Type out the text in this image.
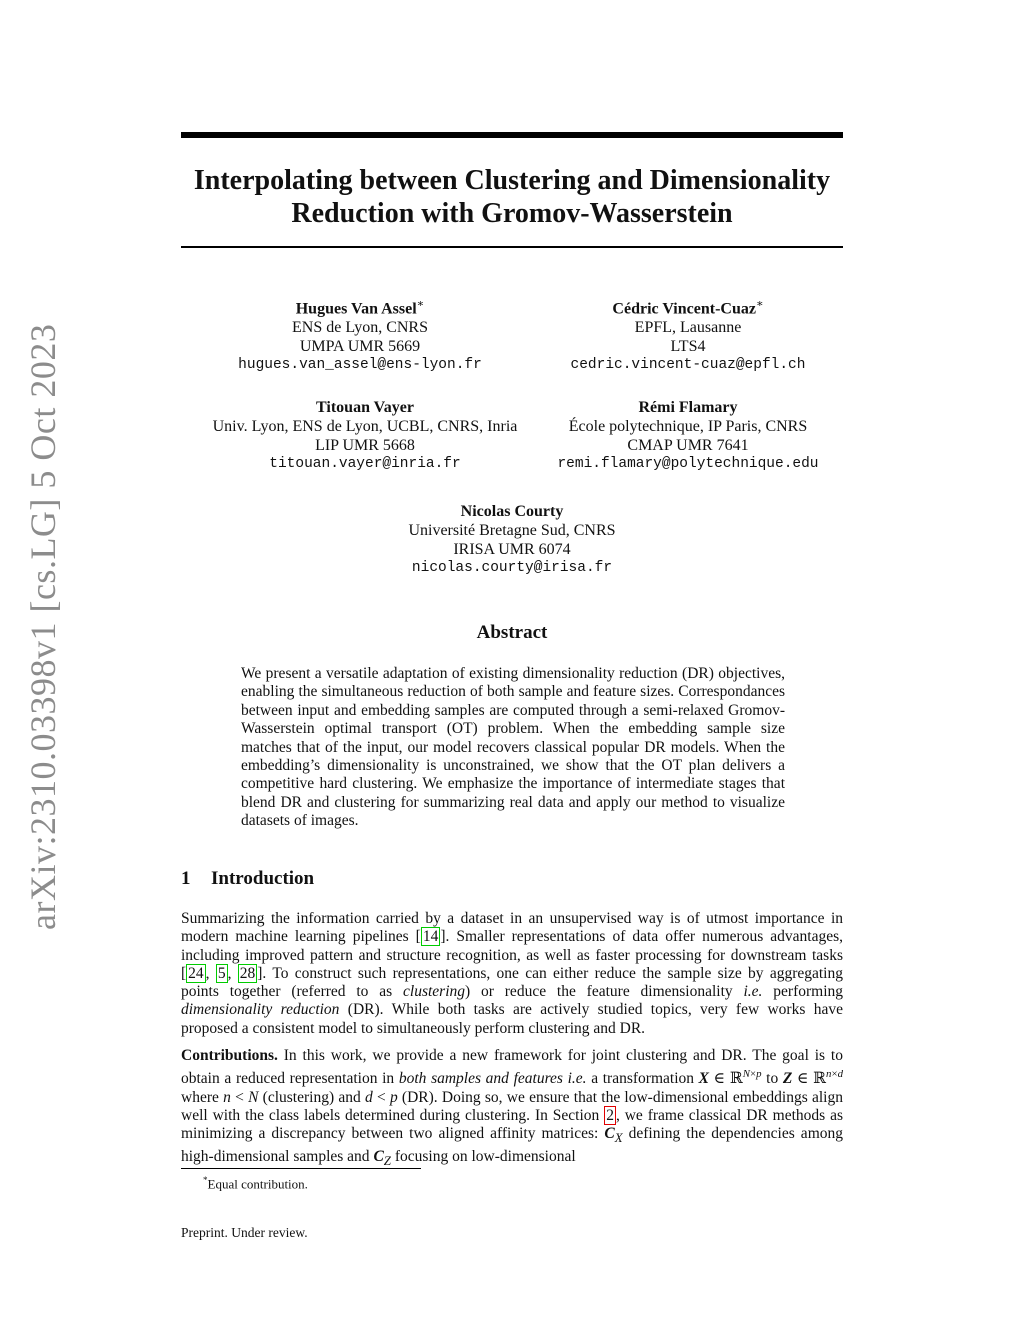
arXiv:2310.03398v1 [cs.LG] 5 Oct 2023
Interpolating between Clustering and Dimensionality
Reduction with Gromov-Wasserstein
Hugues Van Assel∗
ENS de Lyon, CNRS
UMPA UMR 5669
hugues.van_assel@ens-lyon.fr
Cédric Vincent-Cuaz∗
EPFL, Lausanne
LTS4
cedric.vincent-cuaz@epfl.ch
Titouan Vayer
Univ. Lyon, ENS de Lyon, UCBL, CNRS, Inria
LIP UMR 5668
titouan.vayer@inria.fr
Rémi Flamary
École polytechnique, IP Paris, CNRS
CMAP UMR 7641
remi.flamary@polytechnique.edu
Nicolas Courty
Université Bretagne Sud, CNRS
IRISA UMR 6074
nicolas.courty@irisa.fr
Abstract
We present a versatile adaptation of existing dimensionality reduction (DR) objectives, enabling the simultaneous reduction of both sample and feature sizes. Correspondances between input and embedding samples are computed through a semi-relaxed Gromov-Wasserstein optimal transport (OT) problem. When the embedding sample size matches that of the input, our model recovers classical popular DR models. When the embedding’s dimensionality is unconstrained, we show that the OT plan delivers a competitive hard clustering. We emphasize the importance of intermediate stages that blend DR and clustering for summarizing real data and apply our method to visualize datasets of images.
1 Introduction
Summarizing the information carried by a dataset in an unsupervised way is of utmost importance in modern machine learning pipelines [ 14 ]. Smaller representations of data offer numerous advantages, including improved pattern and structure recognition, as well as faster processing for downstream tasks [ 24 , 5 , 28 ]. To construct such representations, one can either reduce the sample size by aggregating points together (referred to as clustering) or reduce the feature dimensionality i.e. performing dimensionality reduction (DR). While both tasks are actively studied topics, very few works have proposed a consistent model to simultaneously perform clustering and DR.
Contributions. In this work, we provide a new framework for joint clustering and DR. The goal is to obtain a reduced representation in both samples and features i.e. a transformation X ∈ ℝ$^{N\times p}$ to Z ∈ ℝ$^{n\times d}$ where n < N (clustering) and d < p (DR). Doing so, we ensure that the low-dimensional embeddings align well with the class labels determined during clustering. In Section 2 , we frame classical DR methods as minimizing a discrepancy between two aligned affinity matrices: $C_X$ defining the dependencies among high-dimensional samples and $C_Z$ focusing on low-dimensional
*Equal contribution.
Preprint. Under review.
